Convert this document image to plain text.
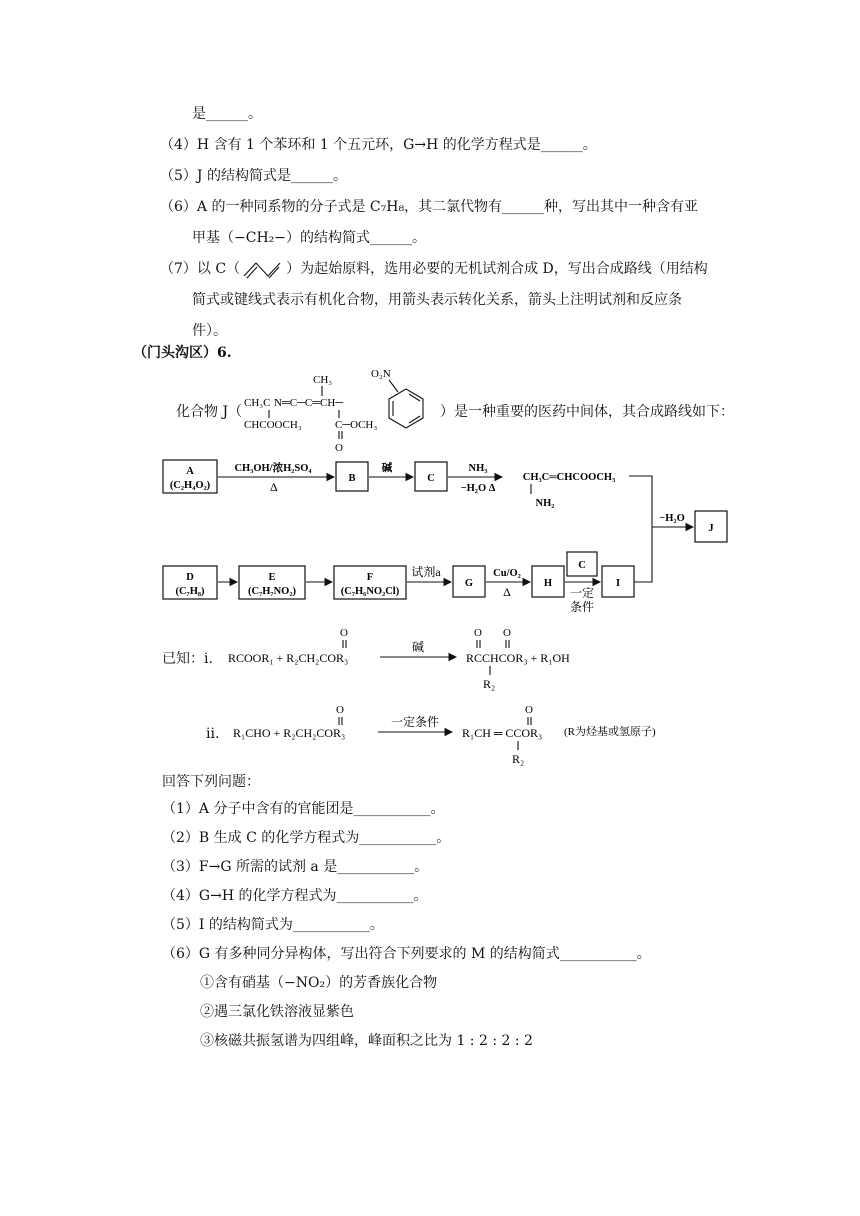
是______。
（4）H 含有 1 个苯环和 1 个五元环，G→H 的化学方程式是______。
（5）J 的结构简式是______。
（6）A 的一种同系物的分子式是 C₇H₈，其二氯代物有______种，写出其中一种含有亚
甲基（−CH₂−）的结构简式______。
（7）以 C（	）为起始原料，选用必要的无机试剂合成 D，写出合成路线（用结构
简式或键线式表示有机化合物，用箭头表示转化关系，箭头上注明试剂和反应条
件）。
（门头沟区）6.
化合物 J（	）是一种重要的医药中间体，其合成路线如下：
O₂N
CH₃
CH₃C N═C─C═CH─
CHCOOCH₃	C─OCH₃
O
A
(C₂H₄O₂)
CH₃OH/浓H₂SO₄
Δ
B
碱
C
NH₃
−H₂O Δ
CH₃C═CHCOOCH₃
NH₂
−H₂O
J
D
(C₇H₈)
E
(C₇H₇NO₂)
F
(C₇H₆NO₂Cl)
试剂a
G
Cu/O₂
Δ
H
C
一定
条件
I
已知：i.
O
RCOOR₁ + R₂CH₂COR₃
碱
O O
RCCHCOR₃ + R₁OH
R₂
O
R₁CHO + R₂CH₂COR₃
一定条件
O
R₁CH ═ CCOR₃
R₂
(R为烃基或氢原子)
ii.
回答下列问题：
（1）A 分子中含有的官能团是___________。
（2）B 生成 C 的化学方程式为___________。
（3）F→G 所需的试剂 a 是___________。
（4）G→H 的化学方程式为___________。
（5）I 的结构简式为___________。
（6）G 有多种同分异构体，写出符合下列要求的 M 的结构简式___________。
①含有硝基（−NO₂）的芳香族化合物
②遇三氯化铁溶液显紫色
③核磁共振氢谱为四组峰，峰面积之比为 1 : 2 : 2 : 2
